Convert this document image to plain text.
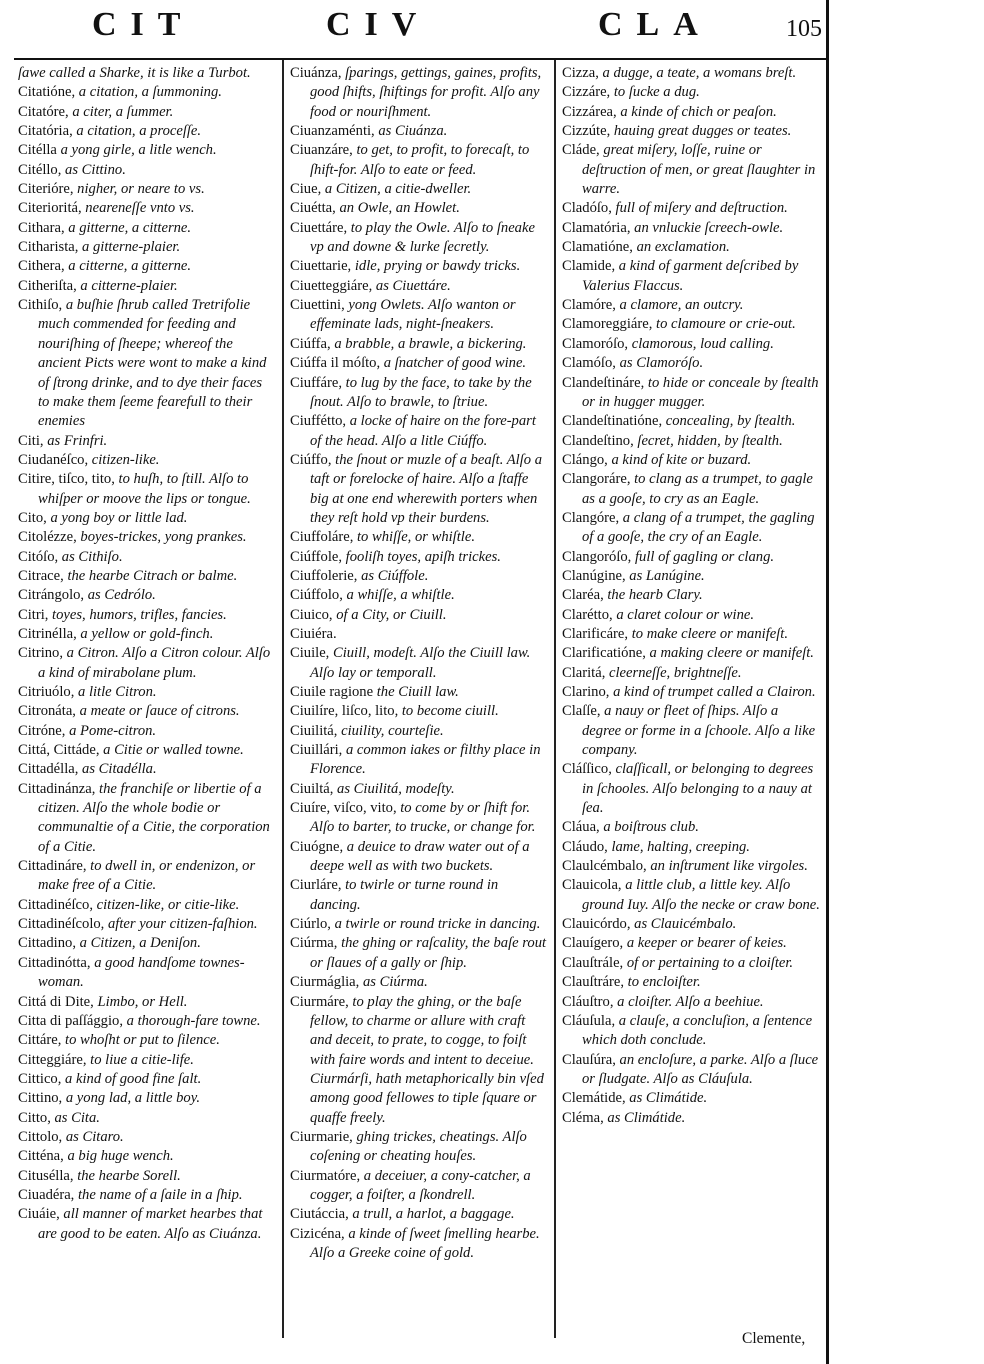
CIT	CIV	CLA	105

ſawe called a Sharke, it is like a Turbot.

Citatióne, a citation, a ſummoning.

Citatóre, a citer, a ſummer.

Citatória, a citation, a proceſſe.

Citélla a yong girle, a litle wench.

Citéllo, as Cittino.

Citerióre, nigher, or neare to vs.

Citerioritá, neareneſſe vnto vs.

Citharа, a gitterne, a citterne.

Citharista, a gitterne-plaier.

Cithera, a citterne, a gitterne.

Citheriſta, a citterne-plaier.

Cithiſo, a buſhie ſhrub called Tretrifolie much commended for feeding and nouriſhing of ſheepe; whereof the ancient Picts were wont to make a kind of ſtrong drinke, and to dye their faces to make them ſeeme fearefull to their enemies

Citi, as Frinfri.

Ciudanéſco, citizen-like.

Citire, tiſco, tito, to huſh, to ſtill. Alſo to whiſper or moove the lips or tongue.

Cito, a yong boy or little lad.

Citolézze, boyes-trickes, yong prankes.

Citóſo, as Cithiſo.

Citrace, the hearbe Citrach or balme.

Citrángolo, as Cedrólo.

Citri, toyes, humors, trifles, fancies.

Citrinélla, a yellow or gold-finch.

Citrino, a Citron. Alſo a Citron colour. Alſo a kind of mirabolane plum.

Citriuólo, a litle Citron.

Citronáta, a meate or ſauce of citrons.

Citróne, a Pome-citron.

Cittá, Cittáde, a Citie or walled towne.

Cittadélla, as Citadélla.

Cittadinánza, the franchiſe or libertie of a citizen. Alſo the whole bodie or communaltie of a Citie, the corporation of a Citie.

Cittadináre, to dwell in, or endenizon, or make free of a Citie.

Cittadinéſco, citizen-like, or citie-like.

Cittadinéſcolo, after your citizen-faſhion.

Cittadino, a Citizen, a Deniſon.

Cittadinótta, a good handſome townes-woman.

Cittá di Dite, Limbo, or Hell.

Citta di paſſággio, a thorough-fare towne.

Cittáre, to whoſht or put to ſilence.

Citteggiáre, to liue a citie-life.

Cittico, a kind of good fine ſalt.

Cittino, a yong lad, a little boy.

Citto, as Cita.

Cittolo, as Citaro.

Citténa, a big huge wench.

Citusélla, the hearbe Sorell.

Ciuadéra, the name of a ſaile in a ſhip.

Ciuáie, all manner of market hearbes that are good to be eaten. Alſo as Ciuánza.

Ciuánza, ſparings, gettings, gaines, profits, good ſhifts, ſhiftings for profit. Alſo any food or nouriſhment.

Ciuanzaménti, as Ciuánza.

Ciuanzáre, to get, to profit, to forecaſt, to ſhift-for. Alſo to eate or feed.

Ciue, a Citizen, a citie-dweller.

Ciuétta, an Owle, an Howlet.

Ciuettáre, to play the Owle. Alſo to ſneake vp and downe & lurke ſecretly.

Ciuettarie, idle, prying or bawdy tricks.

Ciuetteggiáre, as Ciuettáre.

Ciuettini, yong Owlets. Alſo wanton or effeminate lads, night-ſneakers.

Ciúffa, a brabble, a brawle, a bickering.

Ciúffa il móſto, a ſnatcher of good wine.

Ciuffáre, to lug by the face, to take by the ſnout. Alſo to brawle, to ſtriue.

Ciuffétto, a locke of haire on the fore-part of the head. Alſo a litle Ciúffo.

Ciúffo, the ſnout or muzle of a beaſt. Alſo a taft or forelocke of haire. Alſo a ſtaffe big at one end wherewith porters when they reſt hold vp their burdens.

Ciuffoláre, to whiſſe, or whiſtle.

Ciúffole, fooliſh toyes, apiſh trickes.

Ciuffolerie, as Ciúffole.

Ciúffolo, a whiſſe, a whiſtle.

Ciuico, of a City, or Ciuill.

Ciuiéra.

Ciuile, Ciuill, modeſt. Alſo the Ciuill law. Alſo lay or temporall.

Ciuile ragione the Ciuill law.

Ciuilíre, liſco, lito, to become ciuill.

Ciuilitá, ciuility, courteſie.

Ciuillári, a common iakes or filthy place in Florence.

Ciuiltá, as Ciuilitá, modeſty.

Ciuíre, viſco, vito, to come by or ſhift for. Alſo to barter, to trucke, or change for.

Ciuógne, a deuice to draw water out of a deepe well as with two buckets.

Ciurláre, to twirle or turne round in dancing.

Ciúrlo, a twirle or round tricke in dancing.

Ciúrma, the ghing or raſcality, the baſe rout or ſlaues of a gally or ſhip.

Ciurmáglia, as Ciúrma.

Ciurmáre, to play the ghing, or the baſe fellow, to charme or allure with craft and deceit, to prate, to cogge, to foiſt with faire words and intent to deceiue. Ciurmárſi, hath metaphorically bin vſed among good fellowes to tiple ſquare or quaffe freely.

Ciurmarie, ghing trickes, cheatings. Alſo coſening or cheating houſes.

Ciurmatóre, a deceiuer, a cony-catcher, a cogger, a foiſter, a ſkondrell.

Ciutáccia, a trull, a harlot, a baggage.

Cizicéna, a kinde of ſweet ſmelling hearbe. Alſo a Greeke coine of gold.

Cizza, a dugge, a teate, a womans breſt.

Cizzáre, to ſucke a dug.

Cizzárea, a kinde of chich or peaſon.

Cizzúte, hauing great dugges or teates.

Cláde, great miſery, loſſe, ruine or deſtruction of men, or great ſlaughter in warre.

Cladóſo, full of miſery and deſtruction.

Clamatória, an vnluckie ſcreech-owle.

Clamatióne, an exclamation.

Clamide, a kind of garment deſcribed by Valerius Flaccus.

Clamóre, a clamore, an outcry.

Clamoreggiáre, to clamoure or crie-out.

Clamoróſo, clamorous, loud calling.

Clamóſo, as Clamoróſo.

Clandeſtináre, to hide or conceale by ſtealth or in hugger mugger.

Clandeſtinatióne, concealing, by ſtealth.

Clandeſtino, ſecret, hidden, by ſtealth.

Clángo, a kind of kite or buzard.

Clangoráre, to clang as a trumpet, to gagle as a gooſe, to cry as an Eagle.

Clangóre, a clang of a trumpet, the gagling of a gooſe, the cry of an Eagle.

Clangoróſo, full of gagling or clang.

Clanúgine, as Lanúgine.

Claréa, the hearb Clary.

Clarétto, a claret colour or wine.

Clarificáre, to make cleere or manifeſt.

Clarificatióne, a making cleere or manifeſt.

Claritá, cleerneſſe, brightneſſe.

Clarino, a kind of trumpet called a Clairon.

Claſſe, a nauy or fleet of ſhips. Alſo a degree or forme in a ſchoole. Alſo a like company.

Cláſſico, claſſicall, or belonging to degrees in ſchooles. Alſo belonging to a nauy at ſea.

Cláua, a boiſtrous club.

Cláudo, lame, halting, creeping.

Claulcémbalo, an inſtrument like virgoles.

Clauicola, a little club, a little key. Alſo ground Iuy. Alſo the necke or craw bone.

Clauicórdo, as Clauicémbalo.

Clauígero, a keeper or bearer of keies.

Clauſtrále, of or pertaining to a cloiſter.

Clauſtráre, to encloiſter.

Cláuſtro, a cloiſter. Alſo a beehiue.

Cláuſula, a clauſe, a concluſion, a ſentence which doth conclude.

Clauſúra, an encloſure, a parke. Alſo a ſluce or ſludgate. Alſo as Cláuſula.

Clemátide, as Climátide.

Cléma, as Climátide.

Clemente,
